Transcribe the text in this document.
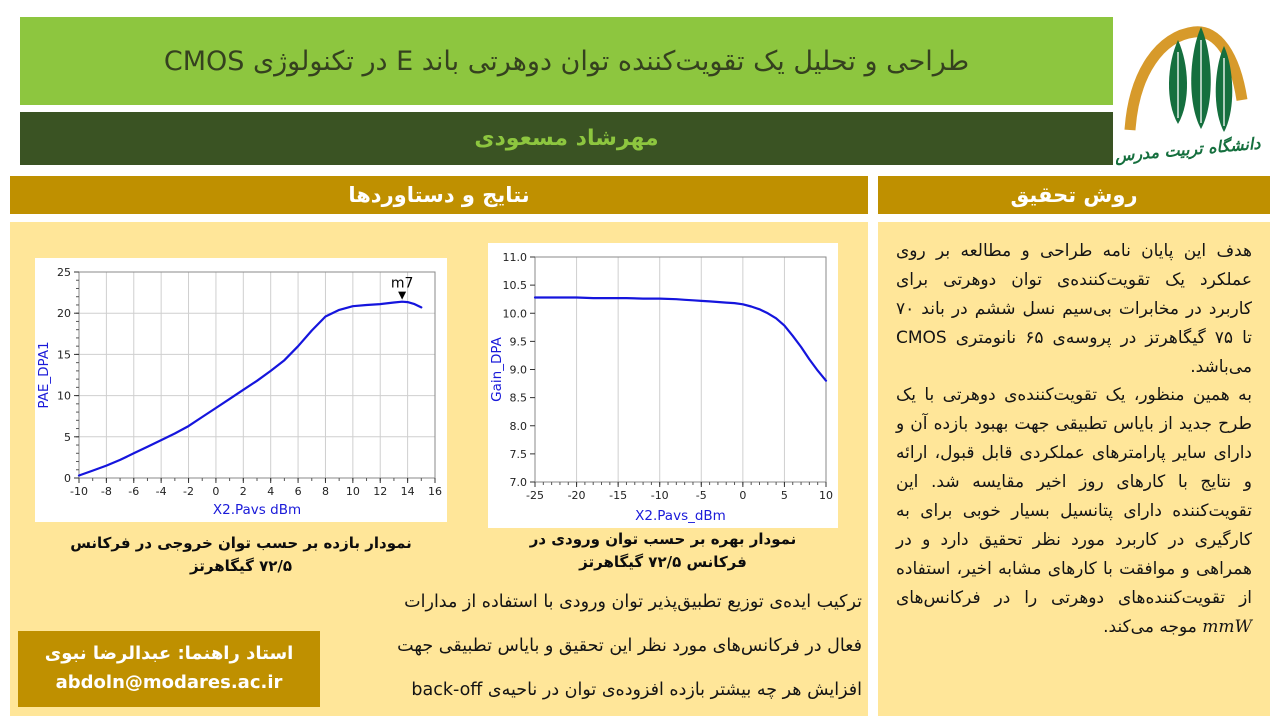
طراحی و تحلیل یک تقویت‌کننده توان دوهرتی باند E در تکنولوژی CMOS
مهرشاد مسعودی	دانشگاه تربیت مدرس
نتایج و دستاوردها	روش تحقیق
-10 -8 -6 -4 -2 0 2 4 6 8 10 12 14 16
0
5
10
15
20
25
m7
X2.Pavs dBm
PAE_DPA1
-25 -20 -15 -10 -5	0	5	10
7.0
7.5
8.0
8.5
9.0
9.5
10.0
10.5
11.0
X2.Pavs_dBm
Gain_DPA
نمودار بازده بر حسب توان خروجی در فرکانس ۷۲/۵ گیگاهرتز
نمودار بهره بر حسب توان ورودی در فرکانس ۷۲/۵ گیگاهرتز
ترکیب ایده‌ی توزیع تطبیق‌پذیر توان ورودی با استفاده از مدارات
فعال در فرکانس‌های مورد نظر این تحقیق و بایاس تطبیقی جهت
افزایش هر چه بیشتر بازده افزوده‌ی توان در ناحیه‌ی back-off
استاد راهنما: عبدالرضا نبوی
abdoln@modares.ac.ir

هدف این پایان نامه طراحی و مطالعه بر روی عملکرد یک تقویت‌کننده‌ی توان دوهرتی برای کاربرد در مخابرات بی‌سیم نسل ششم در باند ۷۰ تا ۷۵ گیگاهرتز در پروسه‌ی ۶۵ نانومتری CMOS می‌باشد.

به همین منظور، یک تقویت‌کننده‌ی دوهرتی با یک طرح جدید از بایاس تطبیقی جهت بهبود بازده آن و دارای سایر پارامترهای عملکردی قابل قبول، ارائه و نتایج با کارهای روز اخیر مقایسه شد. این تقویت‌کننده دارای پتانسیل بسیار خوبی برای به کارگیری در کاربرد مورد نظر تحقیق دارد و در همراهی و موافقت با کارهای مشابه اخیر، استفاده از تقویت‌کننده‌های دوهرتی را در فرکانس‌های mmW موجه می‌کند.
